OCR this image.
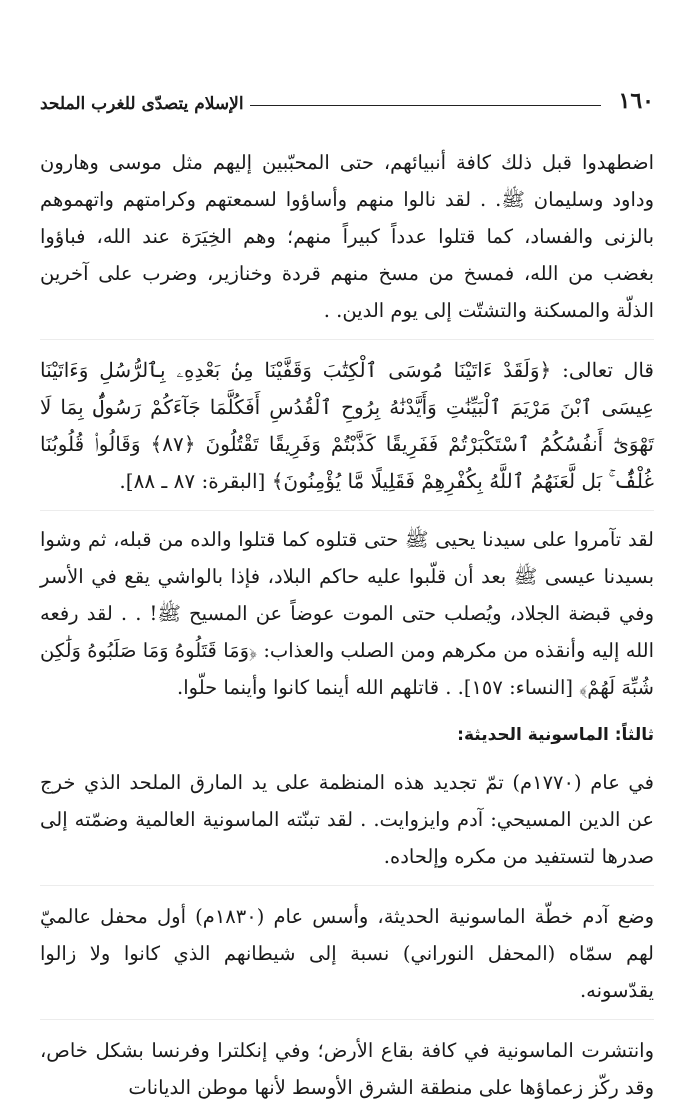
١٦٠
الإسلام يتصدّى للغرب الملحد

اضطهدوا قبل ذلك كافة أنبيائهم، حتى المحبّبين إليهم مثل موسى وهارون وداود وسليمان ﷺ. . لقد نالوا منهم وأساؤوا لسمعتهم وكرامتهم واتهموهم بالزنى والفساد، كما قتلوا عدداً كبيراً منهم؛ وهم الخِيَرَة عند الله، فباؤوا بغضب من الله، فمسخ من مسخ منهم قردة وخنازير، وضرب على آخرين الذلّة والمسكنة والتشتّت إلى يوم الدين. .

قال تعالى: ﴿وَلَقَدْ ءَاتَيْنَا مُوسَى ٱلْكِتَٰبَ وَقَفَّيْنَا مِنۢ بَعْدِهِۦ بِٱلرُّسُلِ وَءَاتَيْنَا عِيسَى ٱبْنَ مَرْيَمَ ٱلْبَيِّنَٰتِ وَأَيَّدْنَٰهُ بِرُوحِ ٱلْقُدُسِ أَفَكُلَّمَا جَآءَكُمْ رَسُولٌۢ بِمَا لَا تَهْوَىٰٓ أَنفُسُكُمُ ٱسْتَكْبَرْتُمْ فَفَرِيقًا كَذَّبْتُمْ وَفَرِيقًا تَقْتُلُونَ ﴿٨٧﴾ وَقَالُوا۟ قُلُوبُنَا غُلْفٌۢ ۚ بَل لَّعَنَهُمُ ٱللَّهُ بِكُفْرِهِمْ فَقَلِيلًا مَّا يُؤْمِنُونَ﴾ [البقرة: ٨٧ ـ ٨٨].

لقد تآمروا على سيدنا يحيى ﷺ حتى قتلوه كما قتلوا والده من قبله، ثم وشوا بسيدنا عيسى ﷺ بعد أن قلّبوا عليه حاكم البلاد، فإذا بالواشي يقع في الأسر وفي قبضة الجلاد، ويُصلب حتى الموت عوضاً عن المسيح ﷺ! . . لقد رفعه الله إليه وأنقذه من مكرهم ومن الصلب والعذاب: ﴿وَمَا قَتَلُوهُ وَمَا صَلَبُوهُ وَلَٰكِن شُبِّهَ لَهُمْ﴾ [النساء: ١٥٧]. . قاتلهم الله أينما كانوا وأينما حلّوا.

ثالثاً: الماسونية الحديثة:

في عام (١٧٧٠م) تمّ تجديد هذه المنظمة على يد المارق الملحد الذي خرج عن الدين المسيحي: آدم وايزوايت. . لقد تبنّته الماسونية العالمية وضمّته إلى صدرها لتستفيد من مكره وإلحاده.

وضع آدم خطّة الماسونية الحديثة، وأسس عام (١٨٣٠م) أول محفل عالميّ لهم سمّاه (المحفل النوراني) نسبة إلى شيطانهم الذي كانوا ولا زالوا يقدّسونه.

وانتشرت الماسونية في كافة بقاع الأرض؛ وفي إنكلترا وفرنسا بشكل خاص، وقد ركّز زعماؤها على منطقة الشرق الأوسط لأنها موطن الديانات
